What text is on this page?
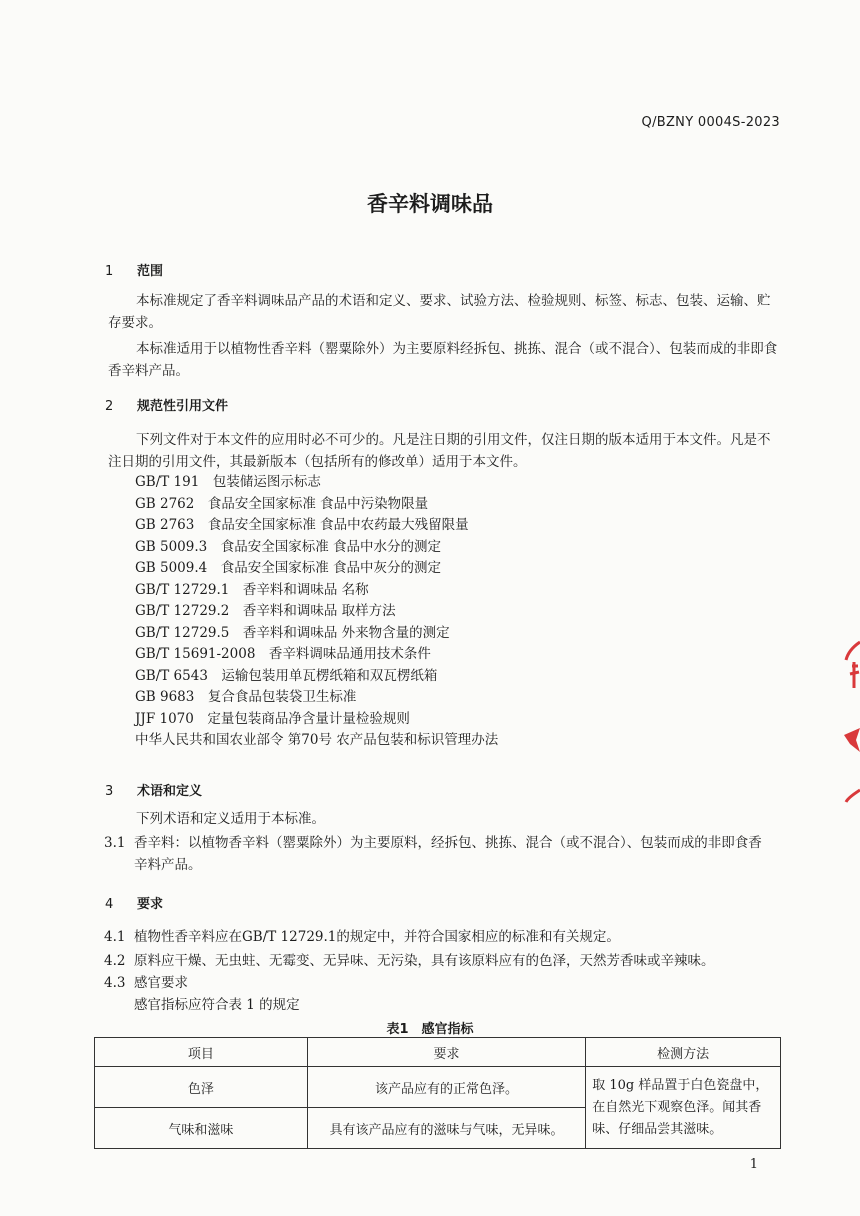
Q/BZNY 0004S-2023
香辛料调味品
1 范围
本标准规定了香辛料调味品产品的术语和定义、要求、试验方法、检验规则、标签、标志、包装、运输、贮存要求。
本标准适用于以植物性香辛料（罂粟除外）为主要原料经拆包、挑拣、混合（或不混合）、包装而成的非即食香辛料产品。
2 规范性引用文件
下列文件对于本文件的应用时必不可少的。凡是注日期的引用文件，仅注日期的版本适用于本文件。凡是不注日期的引用文件，其最新版本（包括所有的修改单）适用于本文件。
GB/T 191　包装储运图示标志
GB 2762　食品安全国家标准 食品中污染物限量
GB 2763　食品安全国家标准 食品中农药最大残留限量
GB 5009.3　食品安全国家标准 食品中水分的测定
GB 5009.4　食品安全国家标准 食品中灰分的测定
GB/T 12729.1　香辛料和调味品 名称
GB/T 12729.2　香辛料和调味品 取样方法
GB/T 12729.5　香辛料和调味品 外来物含量的测定
GB/T 15691-2008　香辛料调味品通用技术条件
GB/T 6543　运输包装用单瓦楞纸箱和双瓦楞纸箱
GB 9683　复合食品包装袋卫生标准
JJF 1070　定量包装商品净含量计量检验规则
中华人民共和国农业部令 第70号 农产品包装和标识管理办法
3 术语和定义
下列术语和定义适用于本标准。
3.1 香辛料：以植物香辛料（罂粟除外）为主要原料，经拆包、挑拣、混合（或不混合）、包装而成的非即食香辛料产品。
4 要求
4.1 植物性香辛料应在GB/T 12729.1的规定中，并符合国家相应的标准和有关规定。
4.2 原料应干燥、无虫蛀、无霉变、无异味、无污染，具有该原料应有的色泽，天然芳香味或辛辣味。
4.3 感官要求
感官指标应符合表 1 的规定
表1　感官指标
项目	要求	检测方法
色泽	该产品应有的正常色泽。	取 10g 样品置于白色瓷盘中，在自然光下观察色泽。闻其香味、仔细品尝其滋味。
气味和滋味	具有该产品应有的滋味与气味，无异味。	
1
